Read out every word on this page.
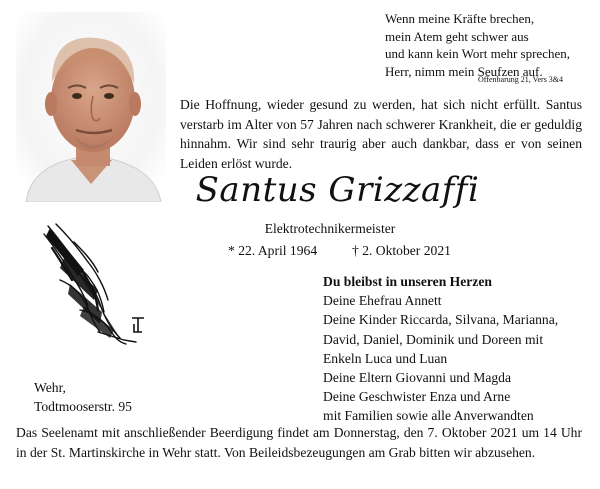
Wenn meine Kräfte brechen,
mein Atem geht schwer aus
und kann kein Wort mehr sprechen,
Herr, nimm mein Seufzen auf.
Offenbarung 21, Vers 3&4

Die Hoffnung, wieder gesund zu werden, hat sich nicht erfüllt. Santus verstarb im Alter von 57 Jahren nach schwerer Krankheit, die er geduldig hinnahm. Wir sind sehr traurig aber auch dankbar, dass er von seinen Leiden erlöst wurde.

Santus Grizzaffi
Elektrotechnikermeister
* 22. April 1964	† 2. Oktober 2021
Du bleibst in unseren Herzen
Deine Ehefrau Annett
Deine Kinder Riccarda, Silvana, Marianna,
David, Daniel, Dominik und Doreen mit
Enkeln Luca und Luan
Deine Eltern Giovanni und Magda
Deine Geschwister Enza und Arne
mit Familien sowie alle Anverwandten
Wehr,
Todtmooserstr. 95

Das Seelenamt mit anschließender Beerdigung findet am Donnerstag, den 7. Oktober 2021 um 14 Uhr in der St. Martinskirche in Wehr statt. Von Beileidsbezeugungen am Grab bitten wir abzusehen.
